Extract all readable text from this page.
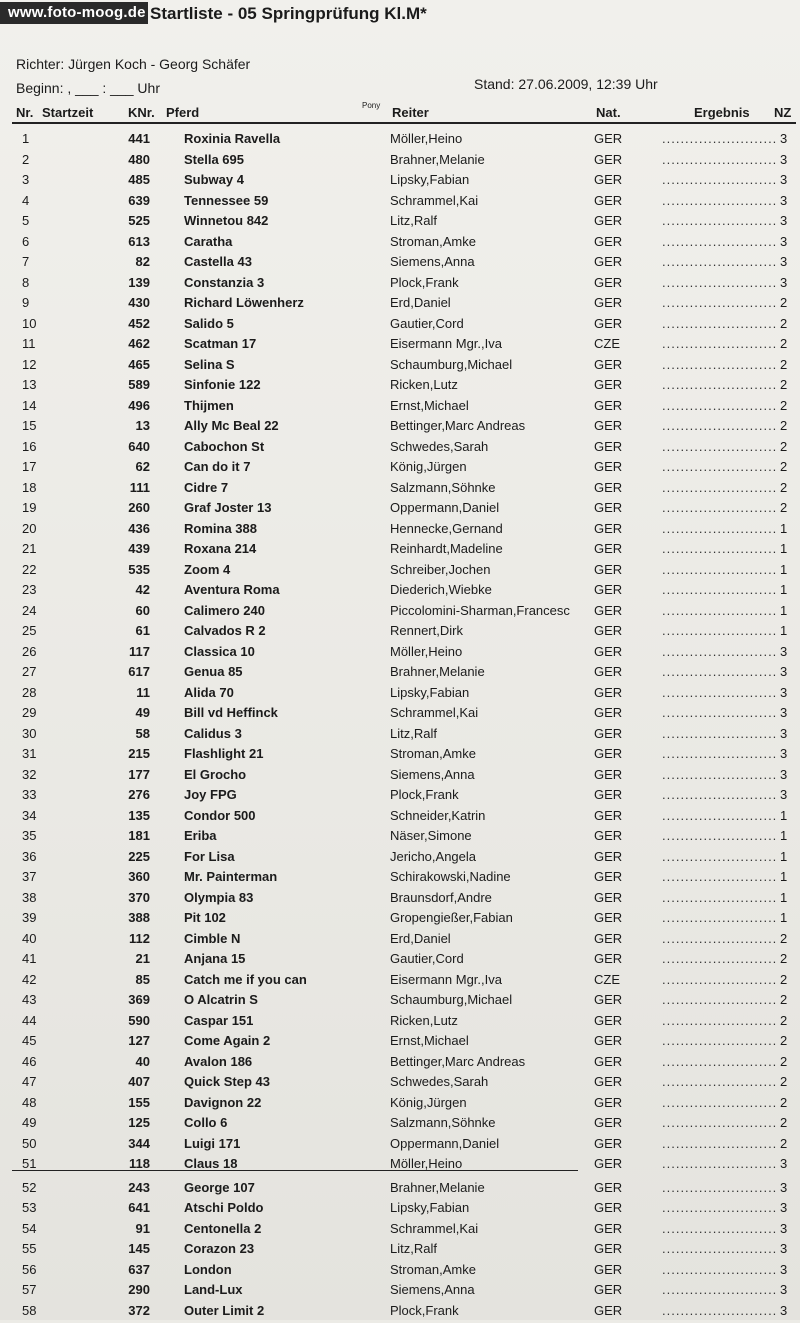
www.foto-moog.de Startliste - 05 Springprüfung Kl.M*
Richter: Jürgen Koch - Georg Schäfer
Beginn: , ___ : ___ Uhr	Stand: 27.06.2009, 12:39 Uhr
Nr. Startzeit	KNr. Pferd	Pony Reiter	Nat.	Ergebnis NZ
1	441	Roxinia Ravella	Möller,Heino	GER	......................... 3
2	480	Stella 695	Brahner,Melanie	GER	......................... 3
3	485	Subway 4	Lipsky,Fabian	GER	......................... 3
4	639	Tennessee 59	Schrammel,Kai	GER	......................... 3
5	525	Winnetou 842	Litz,Ralf	GER	......................... 3
6	613	Caratha	Stroman,Amke	GER	......................... 3
7	82	Castella 43	Siemens,Anna	GER	......................... 3
8	139	Constanzia 3	Plock,Frank	GER	......................... 3
9	430	Richard Löwenherz	Erd,Daniel	GER	......................... 2
10	452	Salido 5	Gautier,Cord	GER	......................... 2
11	462	Scatman 17	Eisermann Mgr.,Iva	CZE	......................... 2
12	465	Selina S	Schaumburg,Michael	GER	......................... 2
13	589	Sinfonie 122	Ricken,Lutz	GER	......................... 2
14	496	Thijmen	Ernst,Michael	GER	......................... 2
15	13	Ally Mc Beal 22	Bettinger,Marc Andreas	GER	......................... 2
16	640	Cabochon St	Schwedes,Sarah	GER	......................... 2
17	62	Can do it 7	König,Jürgen	GER	......................... 2
18	111	Cidre 7	Salzmann,Söhnke	GER	......................... 2
19	260	Graf Joster 13	Oppermann,Daniel	GER	......................... 2
20	436	Romina 388	Hennecke,Gernand	GER	......................... 1
21	439	Roxana 214	Reinhardt,Madeline	GER	......................... 1
22	535	Zoom 4	Schreiber,Jochen	GER	......................... 1
23	42	Aventura Roma	Diederich,Wiebke	GER	......................... 1
24	60	Calimero 240	Piccolomini-Sharman,Francesc GER	......................... 1
25	61	Calvados R 2	Rennert,Dirk	GER	......................... 1
26	117	Classica 10	Möller,Heino	GER	......................... 3
27	617	Genua 85	Brahner,Melanie	GER	......................... 3
28	11	Alida 70	Lipsky,Fabian	GER	......................... 3
29	49	Bill vd Heffinck	Schrammel,Kai	GER	......................... 3
30	58	Calidus 3	Litz,Ralf	GER	......................... 3
31	215	Flashlight 21	Stroman,Amke	GER	......................... 3
32	177	El Grocho	Siemens,Anna	GER	......................... 3
33	276	Joy FPG	Plock,Frank	GER	......................... 3
34	135	Condor 500	Schneider,Katrin	GER	......................... 1
35	181	Eriba	Näser,Simone	GER	......................... 1
36	225	For Lisa	Jericho,Angela	GER	......................... 1
37	360	Mr. Painterman	Schirakowski,Nadine	GER	......................... 1
38	370	Olympia 83	Braunsdorf,Andre	GER	......................... 1
39	388	Pit 102	Gropengießer,Fabian	GER	......................... 1
40	112	Cimble N	Erd,Daniel	GER	......................... 2
41	21	Anjana 15	Gautier,Cord	GER	......................... 2
42	85	Catch me if you can	Eisermann Mgr.,Iva	CZE	......................... 2
43	369	O Alcatrin S	Schaumburg,Michael	GER	......................... 2
44	590	Caspar 151	Ricken,Lutz	GER	......................... 2
45	127	Come Again 2	Ernst,Michael	GER	......................... 2
46	40	Avalon 186	Bettinger,Marc Andreas	GER	......................... 2
47	407	Quick Step 43	Schwedes,Sarah	GER	......................... 2
48	155	Davignon 22	König,Jürgen	GER	......................... 2
49	125	Collo 6	Salzmann,Söhnke	GER	......................... 2
50	344	Luigi 171	Oppermann,Daniel	GER	......................... 2
51	118	Claus 18	Möller,Heino	GER	......................... 3
52	243	George 107	Brahner,Melanie	GER	......................... 3
53	641	Atschi Poldo	Lipsky,Fabian	GER	......................... 3
54	91	Centonella 2	Schrammel,Kai	GER	......................... 3
55	145	Corazon 23	Litz,Ralf	GER	......................... 3
56	637	London	Stroman,Amke	GER	......................... 3
57	290	Land-Lux	Siemens,Anna	GER	......................... 3
58	372	Outer Limit 2	Plock,Frank	GER	......................... 3
